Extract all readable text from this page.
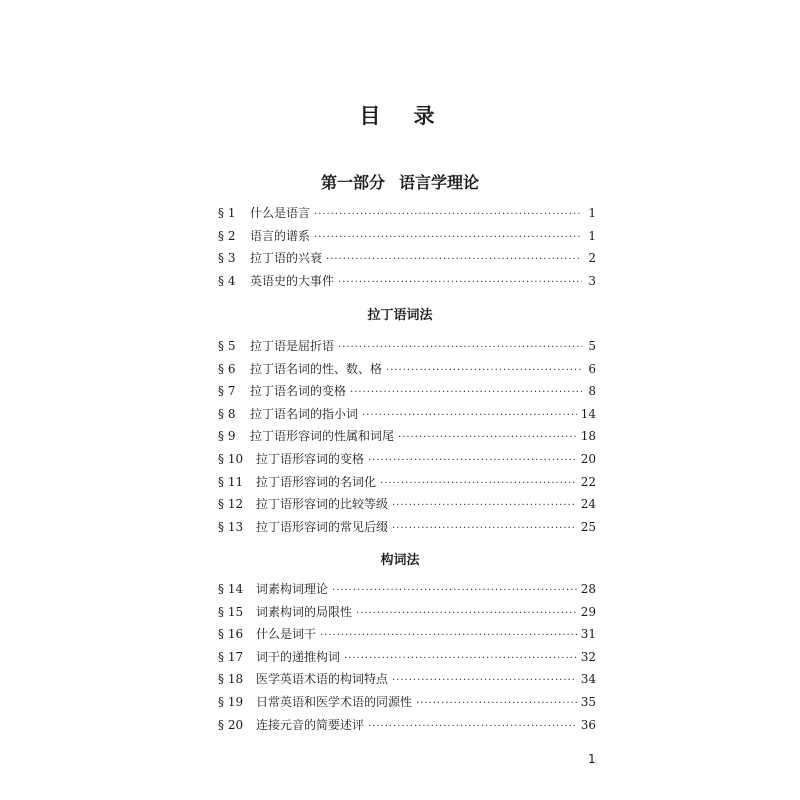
目　录
第一部分 语言学理论
§ 1	什么是语言 ·····	1
§ 2	语言的谱系 ·····	1
§ 3	拉丁语的兴衰 ·····	2
§ 4	英语史的大事件 ·····	3
拉丁语词法
§ 5	拉丁语是屈折语 ·····	5
§ 6	拉丁语名词的性、数、格 ·····	6
§ 7	拉丁语名词的变格 ·····	8
§ 8	拉丁语名词的指小词 ·····	14
§ 9	拉丁语形容词的性属和词尾 ·····	18
§ 10	拉丁语形容词的变格 ·····	20
§ 11	拉丁语形容词的名词化 ·····	22
§ 12	拉丁语形容词的比较等级 ·····	24
§ 13	拉丁语形容词的常见后缀 ·····	25
构词法
§ 14	词素构词理论 ·····	28
§ 15	词素构词的局限性 ·····	29
§ 16	什么是词干 ·····	31
§ 17	词干的递推构词 ·····	32
§ 18	医学英语术语的构词特点 ·····	34
§ 19	日常英语和医学术语的同源性 ·····	35
§ 20	连接元音的简要述评 ·····	36
1
